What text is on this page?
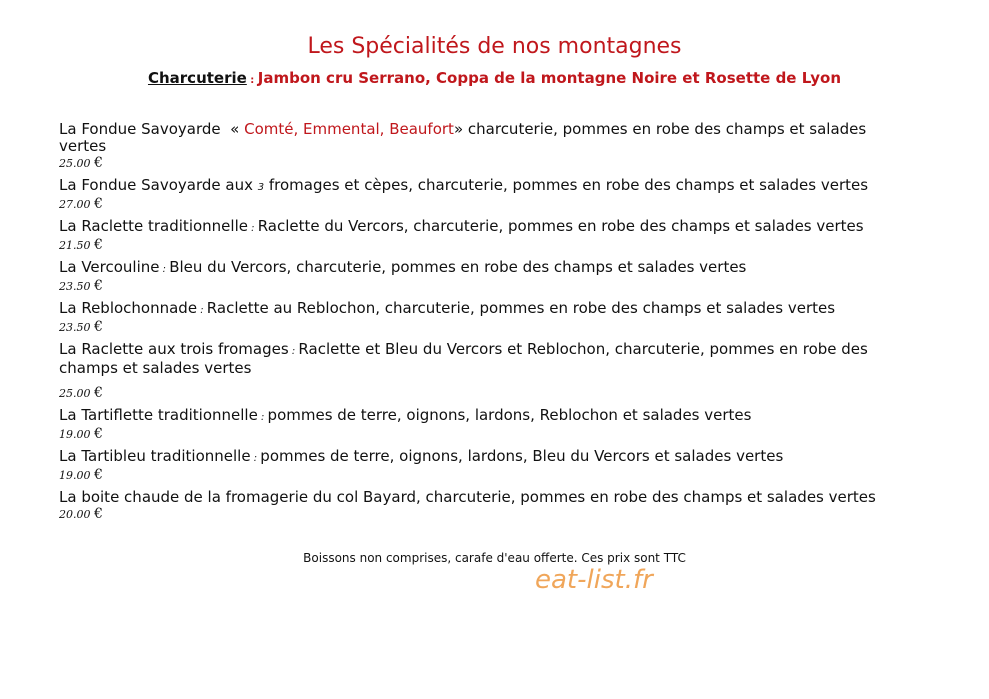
Les Spécialités de nos montagnes
Charcuterie : Jambon cru Serrano, Coppa de la montagne Noire et Rosette de Lyon
La Fondue Savoyarde  « Comté, Emmental, Beaufort» charcuterie, pommes en robe des champs et salades vertes
25.00 €
La Fondue Savoyarde aux 3 fromages et cèpes, charcuterie, pommes en robe des champs et salades vertes
27.00 €
La Raclette traditionnelle : Raclette du Vercors, charcuterie, pommes en robe des champs et salades vertes
21.50 €
La Vercouline : Bleu du Vercors, charcuterie, pommes en robe des champs et salades vertes
23.50 €
La Reblochonnade : Raclette au Reblochon, charcuterie, pommes en robe des champs et salades vertes
23.50 €
La Raclette aux trois fromages : Raclette et Bleu du Vercors et Reblochon, charcuterie, pommes en robe des champs et salades vertes
25.00 €
La Tartiflette traditionnelle : pommes de terre, oignons, lardons, Reblochon et salades vertes
19.00 €
La Tartibleu traditionnelle : pommes de terre, oignons, lardons, Bleu du Vercors et salades vertes
19.00 €
La boite chaude de la fromagerie du col Bayard, charcuterie, pommes en robe des champs et salades vertes
20.00 €
Boissons non comprises, carafe d'eau offerte. Ces prix sont TTC
eat-list.fr
